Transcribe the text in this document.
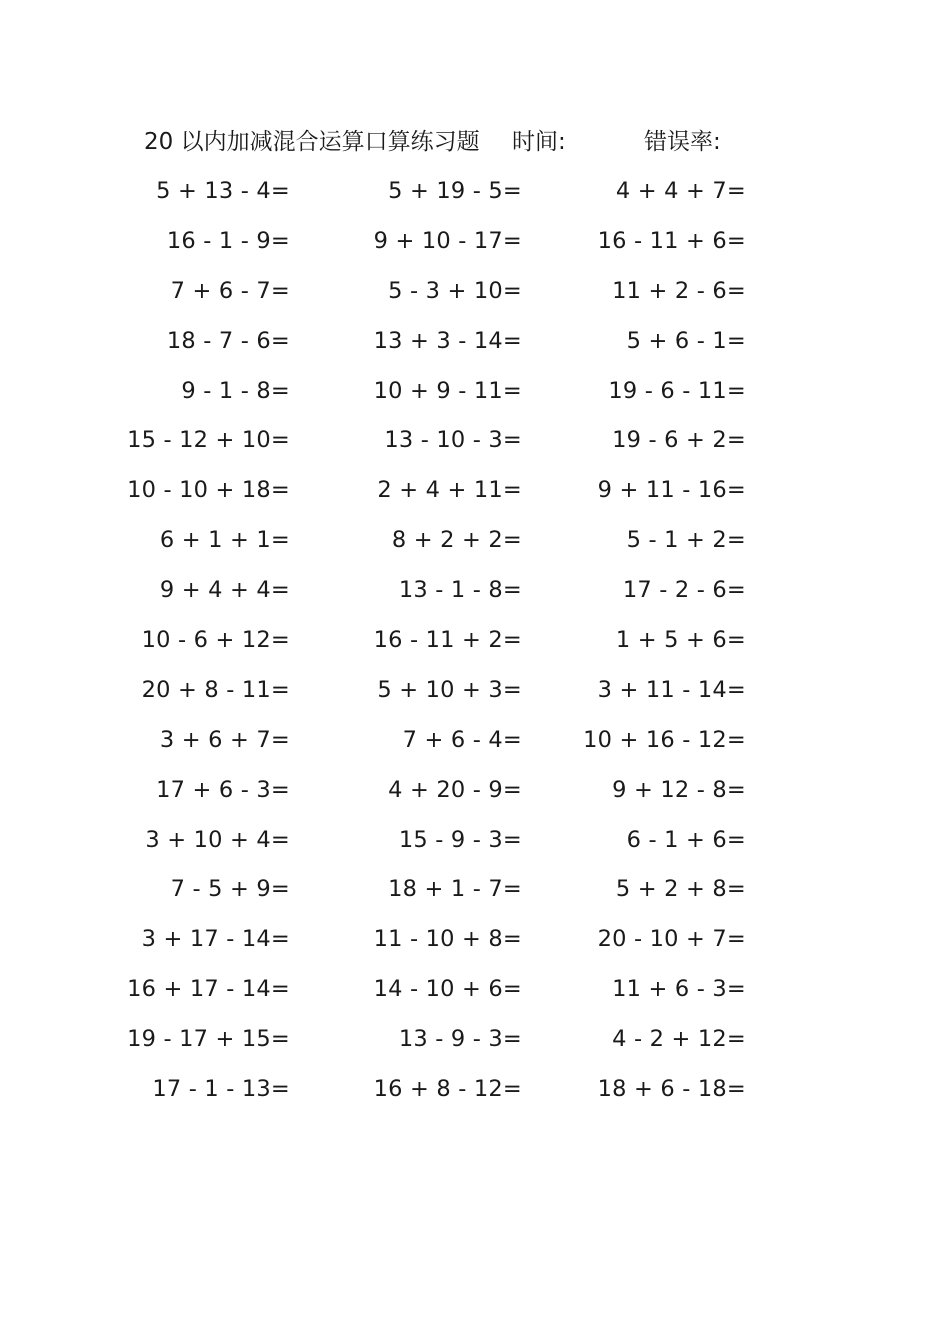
20 以内加减混合运算口算练习题 时间:	错误率:
5 + 13 - 4=	5 + 19 - 5=	4 + 4 + 7=
16 - 1 - 9=	9 + 10 - 17=	16 - 11 + 6=
7 + 6 - 7=	5 - 3 + 10=	11 + 2 - 6=
18 - 7 - 6=	13 + 3 - 14=	5 + 6 - 1=
9 - 1 - 8=	10 + 9 - 11=	19 - 6 - 11=
15 - 12 + 10=	13 - 10 - 3=	19 - 6 + 2=
10 - 10 + 18=	2 + 4 + 11=	9 + 11 - 16=
6 + 1 + 1=	8 + 2 + 2=	5 - 1 + 2=
9 + 4 + 4=	13 - 1 - 8=	17 - 2 - 6=
10 - 6 + 12=	16 - 11 + 2=	1 + 5 + 6=
20 + 8 - 11=	5 + 10 + 3=	3 + 11 - 14=
3 + 6 + 7=	7 + 6 - 4=	10 + 16 - 12=
17 + 6 - 3=	4 + 20 - 9=	9 + 12 - 8=
3 + 10 + 4=	15 - 9 - 3=	6 - 1 + 6=
7 - 5 + 9=	18 + 1 - 7=	5 + 2 + 8=
3 + 17 - 14=	11 - 10 + 8=	20 - 10 + 7=
16 + 17 - 14=	14 - 10 + 6=	11 + 6 - 3=
19 - 17 + 15=	13 - 9 - 3=	4 - 2 + 12=
17 - 1 - 13=	16 + 8 - 12=	18 + 6 - 18=
